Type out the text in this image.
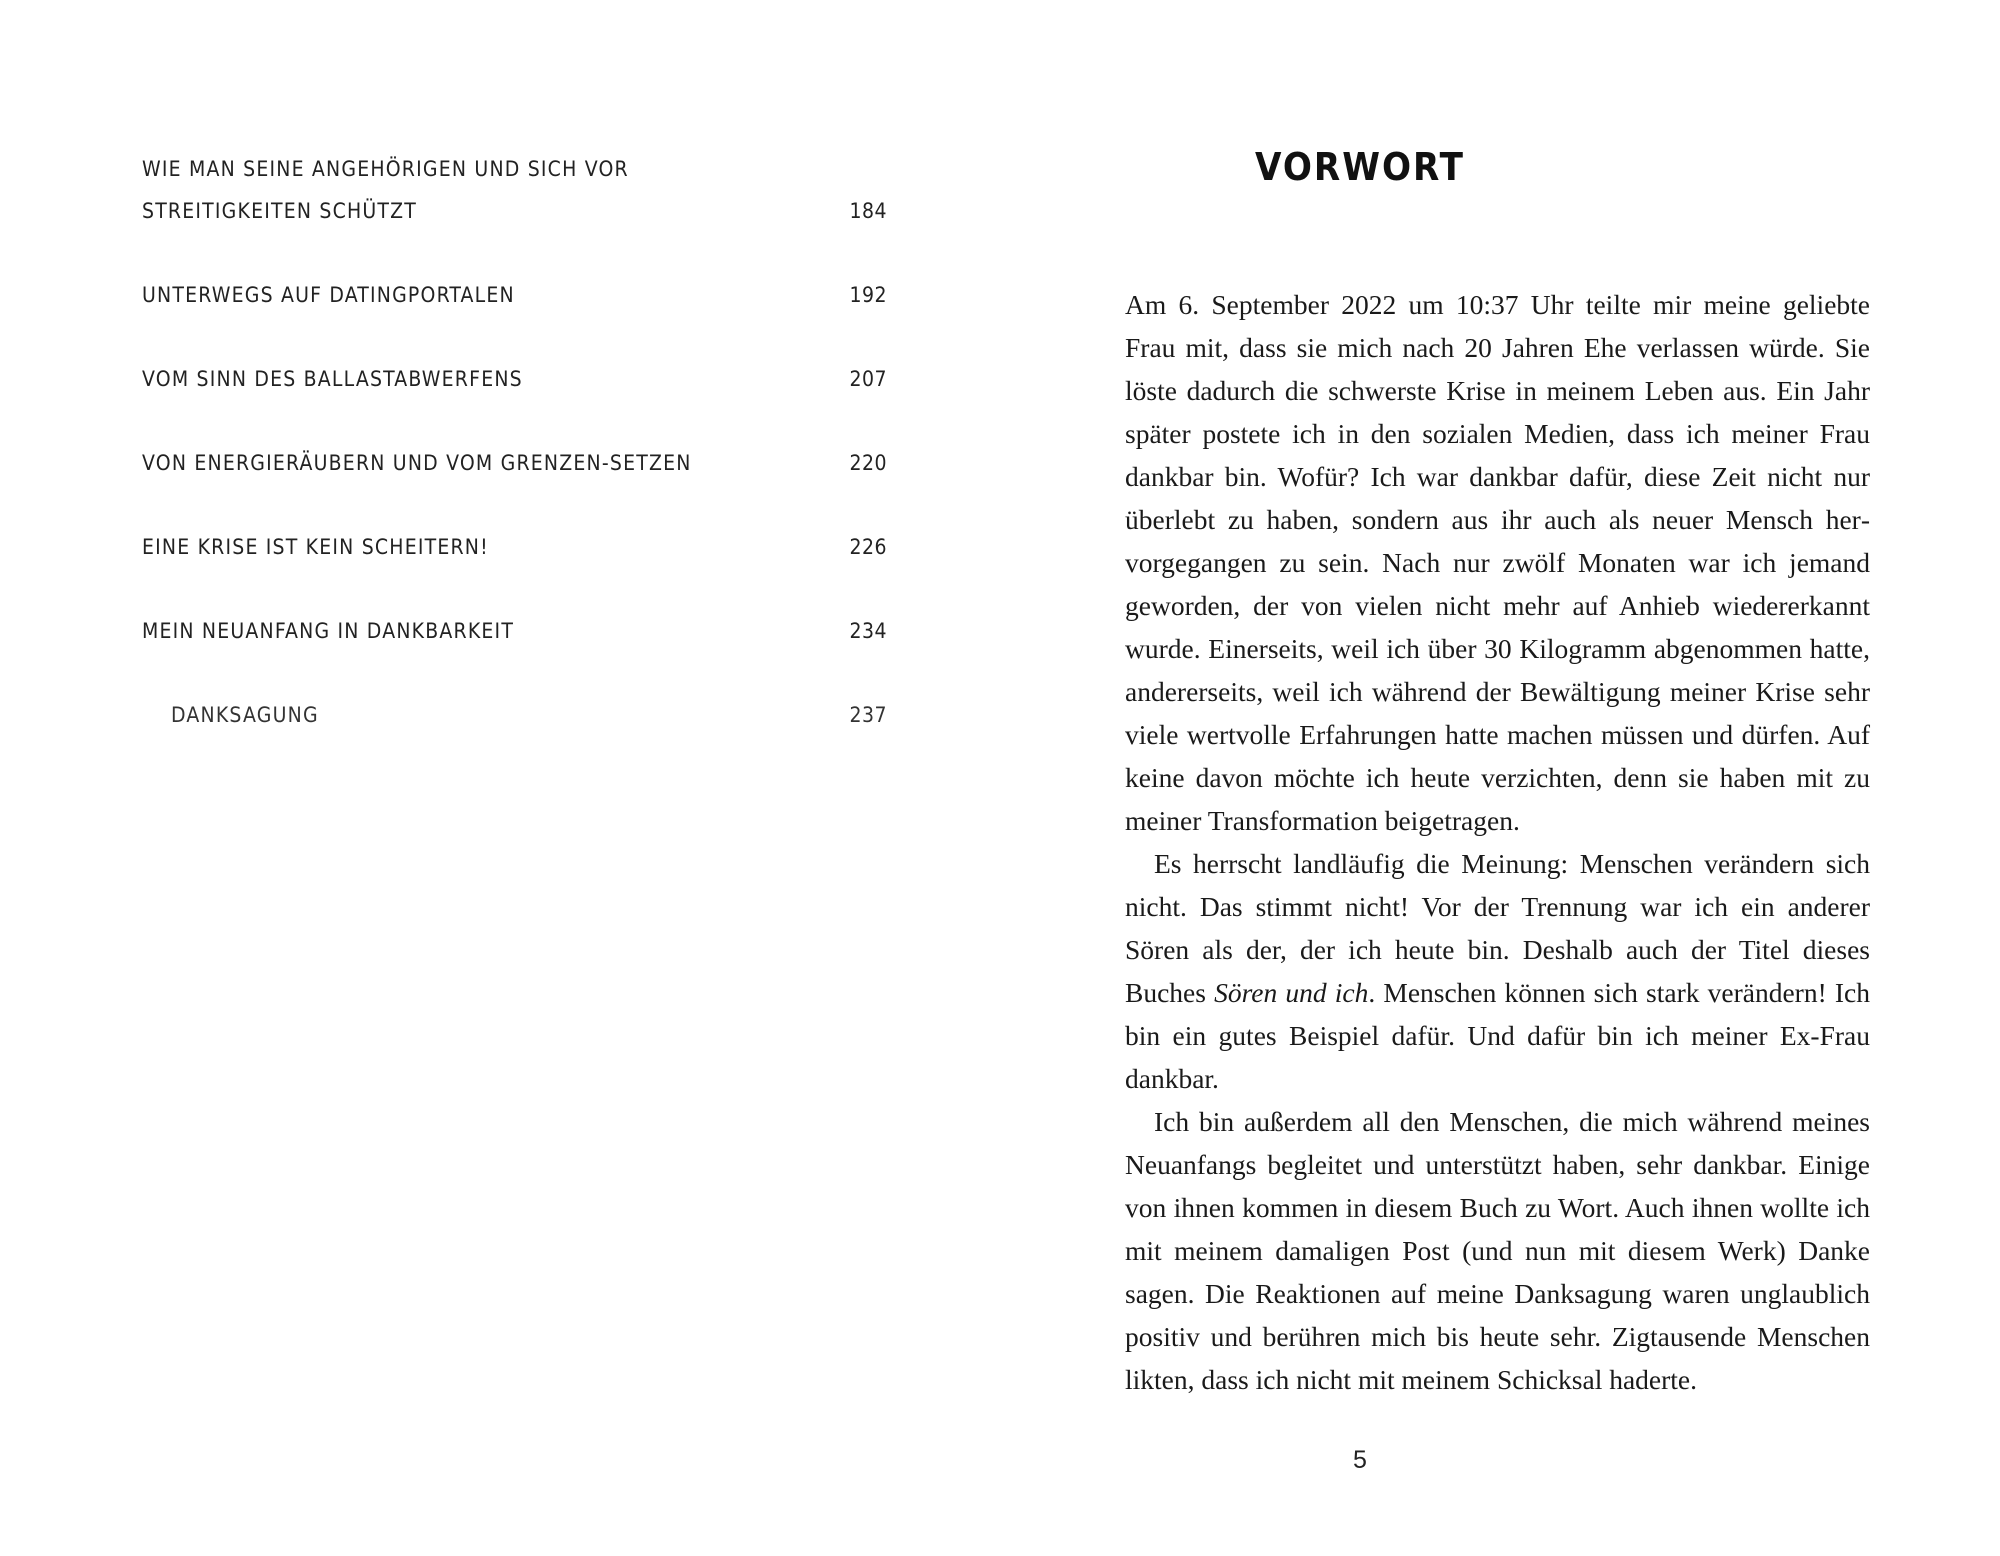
WIE MAN SEINE ANGEHÖRIGEN UND SICH VOR
STREITIGKEITEN SCHÜTZT	184
UNTERWEGS AUF DATINGPORTALEN	192
VOM SINN DES BALLASTABWERFENS	207
VON ENERGIERÄUBERN UND VOM GRENZEN-SETZEN	220
EINE KRISE IST KEIN SCHEITERN!	226
MEIN NEUANFANG IN DANKBARKEIT	234
DANKSAGUNG	237
VORWORT

Am 6. September 2022 um 10:37 Uhr teilte mir meine geliebte Frau mit, dass sie mich nach 20 Jahren Ehe verlassen würde. Sie löste dadurch die schwerste Krise in meinem Leben aus. Ein Jahr später postete ich in den sozialen Medien, dass ich meiner Frau dankbar bin. Wofür? Ich war dankbar dafür, diese Zeit nicht nur überlebt zu haben, sondern aus ihr auch als neuer Mensch hervorgegangen zu sein. Nach nur zwölf Monaten war ich jemand geworden, der von vielen nicht mehr auf Anhieb wiedererkannt wurde. Einerseits, weil ich über 30 Kilogramm abgenommen hatte, andererseits, weil ich während der Bewältigung meiner Krise sehr viele wertvolle Erfahrungen hatte machen müssen und dürfen. Auf keine davon möchte ich heute verzichten, denn sie haben mit zu meiner Transformation beigetragen.

Es herrscht landläufig die Meinung: Menschen verändern sich nicht. Das stimmt nicht! Vor der Trennung war ich ein anderer Sören als der, der ich heute bin. Deshalb auch der Titel dieses Buches Sören und ich. Menschen können sich stark verändern! Ich bin ein gutes Beispiel dafür. Und dafür bin ich meiner Ex-Frau dankbar.

Ich bin außerdem all den Menschen, die mich während meines Neuanfangs begleitet und unterstützt haben, sehr dankbar. Einige von ihnen kommen in diesem Buch zu Wort. Auch ihnen wollte ich mit meinem damaligen Post (und nun mit diesem Werk) Danke sagen. Die Reaktionen auf meine Danksagung waren unglaublich positiv und berühren mich bis heute sehr. Zigtausende Menschen likten, dass ich nicht mit meinem Schicksal haderte.

5
